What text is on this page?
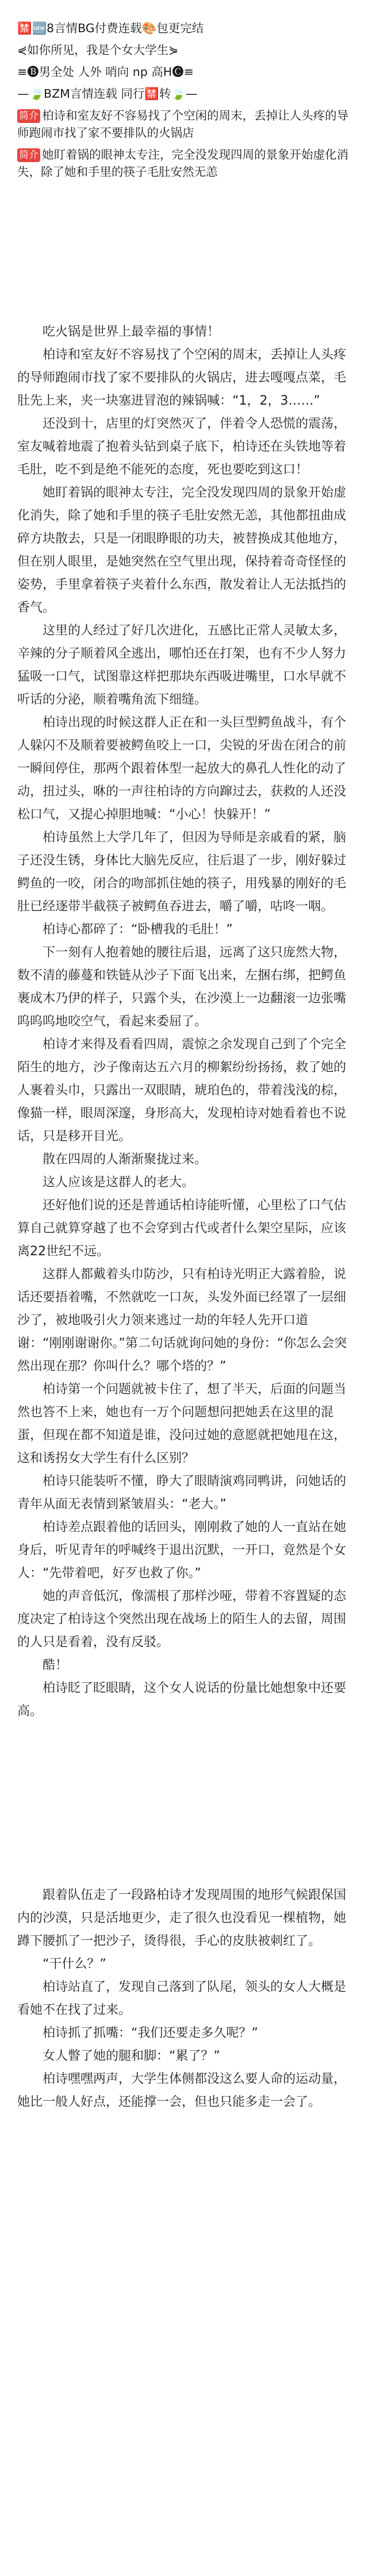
🈲🆕8言情BG付费连载🎨包更完结

⋞如你所见，我是个女大学生⋟

≡🅑男全处 人外 哨向 np 高H🅒≡

—🍃BZM言情连载 同行🈲转🍃—

简介 柏诗和室友好不容易找了个空闲的周末，丢掉让人头疼的导师跑闹市找了家不要排队的火锅店

简介 她盯着锅的眼神太专注，完全没发现四周的景象开始虚化消失，除了她和手里的筷子毛肚安然无恙

吃火锅是世界上最幸福的事情！

柏诗和室友好不容易找了个空闲的周末，丢掉让人头疼的导师跑闹市找了家不要排队的火锅店，进去嘎嘎点菜，毛肚先上来，夹一块塞进冒泡的辣锅喊：“1，2，3……”

还没到十，店里的灯突然灭了，伴着令人恐慌的震荡，室友喊着地震了抱着头钻到桌子底下，柏诗还在头铁地等着毛肚，吃不到是绝不能死的态度，死也要吃到这口！

她盯着锅的眼神太专注，完全没发现四周的景象开始虚化消失，除了她和手里的筷子毛肚安然无恙，其他都扭曲成碎方块散去，只是一闭眼睁眼的功夫，被替换成其他地方，但在别人眼里，是她突然在空气里出现，保持着奇奇怪怪的姿势，手里拿着筷子夹着什么东西，散发着让人无法抵挡的香气。

这里的人经过了好几次进化，五感比正常人灵敏太多，辛辣的分子顺着风全逃出，哪怕还在打架，也有不少人努力猛吸一口气，试图靠这样把那块东西吸进嘴里，口水早就不听话的分泌，顺着嘴角流下细缝。

柏诗出现的时候这群人正在和一头巨型鳄鱼战斗，有个人躲闪不及顺着要被鳄鱼咬上一口，尖锐的牙齿在闭合的前一瞬间停住，那两个跟着体型一起放大的鼻孔人性化的动了动，扭过头，咻的一声往柏诗的方向蹿过去，获救的人还没松口气，又提心掉胆地喊：“小心！快躲开！”

柏诗虽然上大学几年了，但因为导师是亲戚看的紧，脑子还没生锈，身体比大脑先反应，往后退了一步，刚好躲过鳄鱼的一咬，闭合的吻部抓住她的筷子，用残暴的刚好的毛肚已经逐带半截筷子被鳄鱼吞进去，嚼了嚼，咕咚一咽。

柏诗心都碎了：“卧槽我的毛肚！”

下一刻有人抱着她的腰往后退，远离了这只庞然大物，数不清的藤蔓和铁链从沙子下面飞出来，左捆右绑，把鳄鱼裹成木乃伊的样子，只露个头，在沙漠上一边翻滚一边张嘴呜呜呜地咬空气，看起来委屈了。

柏诗才来得及看看四周，震惊之余发现自己到了个完全陌生的地方，沙子像南达五六月的柳絮纷纷扬扬，救了她的人裹着头巾，只露出一双眼睛，琥珀色的，带着浅浅的棕，像猫一样，眼周深邃，身形高大，发现柏诗对她看着也不说话，只是移开目光。

散在四周的人渐渐聚拢过来。

这人应该是这群人的老大。

还好他们说的还是普通话柏诗能听懂，心里松了口气估算自己就算穿越了也不会穿到古代或者什么架空星际，应该离22世纪不远。

这群人都戴着头巾防沙，只有柏诗光明正大露着脸，说话还要捂着嘴，不然就吃一口灰，头发外面已经罩了一层细沙了，被地吸引火力领来逃过一劫的年轻人先开口道谢：“刚刚谢谢你。”第二句话就询问她的身份：“你怎么会突然出现在那？你叫什么？哪个塔的？”

柏诗第一个问题就被卡住了，想了半天，后面的问题当然也答不上来，她也有一万个问题想问把她丢在这里的混蛋，但现在都不知道是谁，没问过她的意愿就把她甩在这，这和诱拐女大学生有什么区别？

柏诗只能装听不懂，睁大了眼睛演鸡同鸭讲，问她话的青年从面无表情到紧皱眉头：“老大。”

柏诗差点跟着他的话回头，刚刚救了她的人一直站在她身后，听见青年的呼喊终于退出沉默，一开口，竟然是个女人：“先带着吧，好歹也救了你。”

她的声音低沉，像濡根了那样沙哑，带着不容置疑的态度决定了柏诗这个突然出现在战场上的陌生人的去留，周围的人只是看着，没有反驳。

酷！

柏诗眨了眨眼睛，这个女人说话的份量比她想象中还要高。

跟着队伍走了一段路柏诗才发现周围的地形气候跟保国内的沙漠，只是活地更少，走了很久也没看见一棵植物，她蹲下腰抓了一把沙子，烫得很，手心的皮肤被刺红了。

“干什么？”

柏诗站直了，发现自己落到了队尾，领头的女人大概是看她不在找了过来。

柏诗抓了抓嘴：“我们还要走多久呢？”

女人瞥了她的腿和脚：“累了？”

柏诗嘿嘿两声，大学生体侧都没这么要人命的运动量，她比一般人好点，还能撑一会，但也只能多走一会了。
